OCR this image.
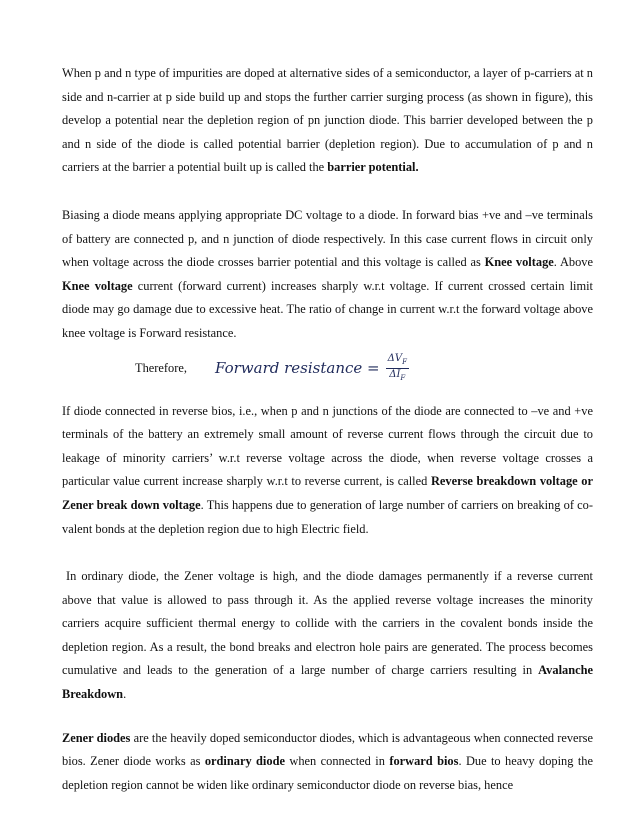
When p and n type of impurities are doped at alternative sides of a semiconductor, a layer of p-carriers at n side and n-carrier at p side build up and stops the further carrier surging process (as shown in figure), this develop a potential near the depletion region of pn junction diode. This barrier developed between the p and n side of the diode is called potential barrier (depletion region). Due to accumulation of p and n carriers at the barrier a potential built up is called the barrier potential.

Biasing a diode means applying appropriate DC voltage to a diode. In forward bias +ve and –ve terminals of battery are connected p, and n junction of diode respectively. In this case current flows in circuit only when voltage across the diode crosses barrier potential and this voltage is called as Knee voltage. Above Knee voltage current (forward current) increases sharply w.r.t voltage. If current crossed certain limit diode may go damage due to excessive heat. The ratio of change in current w.r.t the forward voltage above knee voltage is Forward resistance.

Therefore,	Forward resistance = $\frac{\Delta V_F}{\Delta I_F}$

If diode connected in reverse bios, i.e., when p and n junctions of the diode are connected to –ve and +ve terminals of the battery an extremely small amount of reverse current flows through the circuit due to leakage of minority carriers’ w.r.t reverse voltage across the diode, when reverse voltage crosses a particular value current increase sharply w.r.t to reverse current, is called Reverse breakdown voltage or Zener break down voltage. This happens due to generation of large number of carriers on breaking of co-valent bonds at the depletion region due to high Electric field.

In ordinary diode, the Zener voltage is high, and the diode damages permanently if a reverse current above that value is allowed to pass through it. As the applied reverse voltage increases the minority carriers acquire sufficient thermal energy to collide with the carriers in the covalent bonds inside the depletion region. As a result, the bond breaks and electron hole pairs are generated. The process becomes cumulative and leads to the generation of a large number of charge carriers resulting in Avalanche Breakdown.

Zener diodes are the heavily doped semiconductor diodes, which is advantageous when connected reverse bios. Zener diode works as ordinary diode when connected in forward bios. Due to heavy doping the depletion region cannot be widen like ordinary semiconductor diode on reverse bias, hence
